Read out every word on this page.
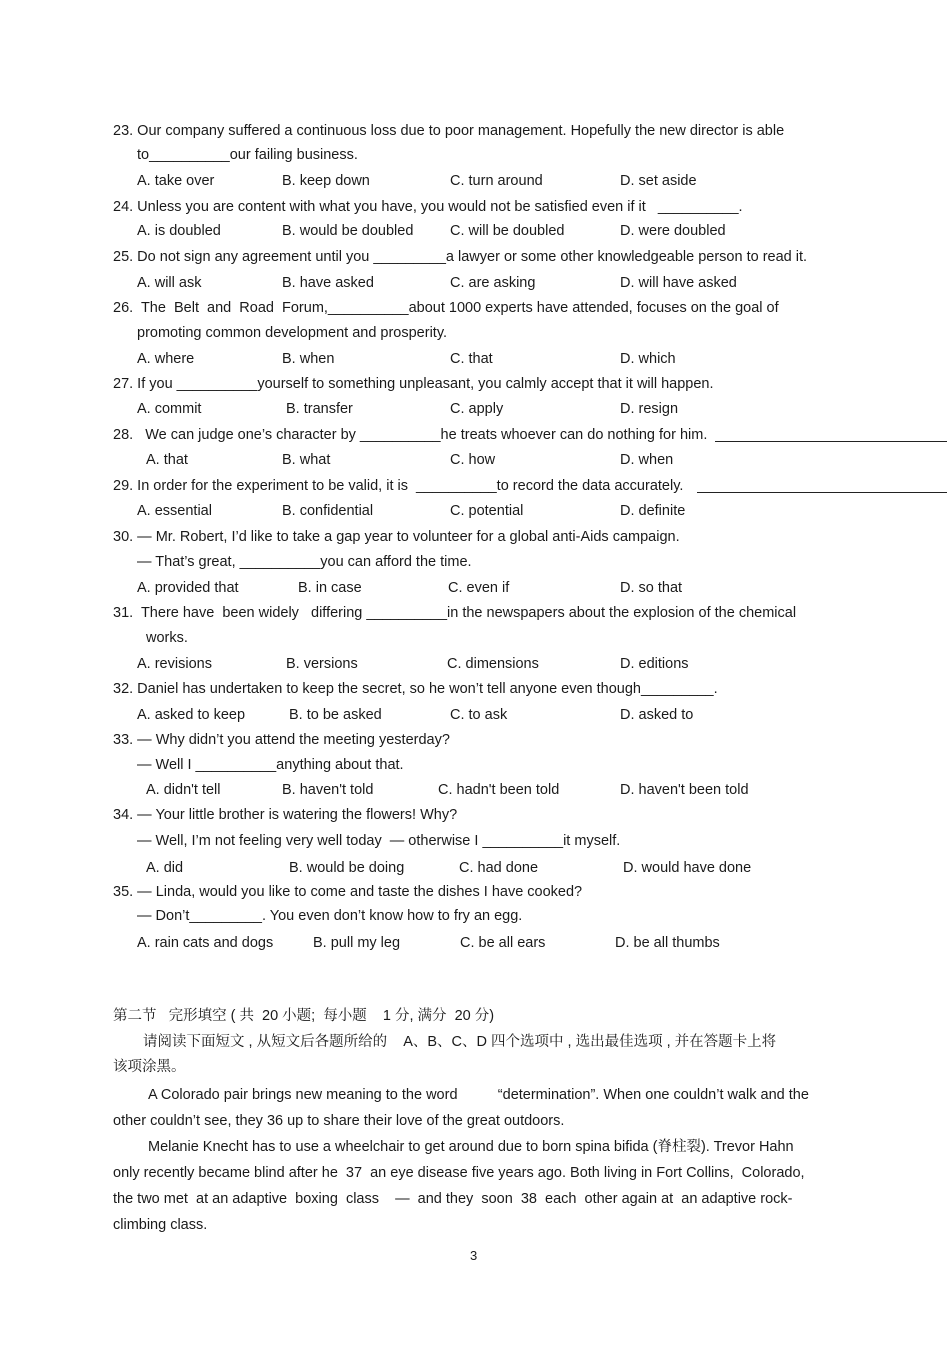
23. Our company suffered a continuous loss due to poor management. Hopefully the new director is able
to__________our failing business.
A. take over	B. keep down	C. turn around	D. set aside
24. Unless you are content with what you have, you would not be satisfied even if it   __________.
A. is doubled	B. would be doubled	C. will be doubled	D. were doubled
25. Do not sign any agreement until you _________a lawyer or some other knowledgeable person to read it.
A. will ask	B. have asked	C. are asking	D. will have asked
26.  The  Belt  and  Road  Forum,__________about 1000 experts have attended, focuses on the goal of
promoting common development and prosperity.
A. where	B. when	C. that	D. which
27. If you __________yourself to something unpleasant, you calmly accept that it will happen.
A. commit	B. transfer	C. apply	D. resign
28.   We can judge one’s character by __________he treats whoever can do nothing for him.
A. that	B. what	C. how	D. when
29. In order for the experiment to be valid, it is  __________to record the data accurately.
A. essential	B. confidential	C. potential	D. definite
30. — Mr. Robert, I’d like to take a gap year to volunteer for a global anti-Aids campaign.
— That’s great, __________you can afford the time.
A. provided that	B. in case	C. even if	D. so that
31.  There have  been widely   differing __________in the newspapers about the explosion of the chemical
works.
A. revisions	B. versions	C. dimensions	D. editions
32. Daniel has undertaken to keep the secret, so he won’t tell anyone even though_________.
A. asked to keep	B. to be asked	C. to ask	D. asked to
33. — Why didn’t you attend the meeting yesterday?
— Well I __________anything about that.
A. didn't tell	B. haven't told	C. hadn't been told	D. haven't been told
34. — Your little brother is watering the flowers! Why?
— Well, I’m not feeling very well today  — otherwise I __________it myself.
A. did	B. would be doing	C. had done	D. would have done
35. — Linda, would you like to come and taste the dishes I have cooked?
— Don’t_________. You even don’t know how to fry an egg.
A. rain cats and dogs	B. pull my leg	C. be all ears	D. be all thumbs
第二节   完形填空 ( 共  20 小题;  每小题    1 分, 满分  20 分)
请阅读下面短文 , 从短文后各题所给的    A、B、C、D 四个选项中 , 选出最佳选项 , 并在答题卡上将
该项涂黑。
A Colorado pair brings new meaning to the word          “determination”. When one couldn’t walk and the
other couldn’t see, they 36 up to share their love of the great outdoors.
Melanie Knecht has to use a wheelchair to get around due to born spina bifida (脊柱裂). Trevor Hahn
only recently became blind after he  37  an eye disease five years ago. Both living in Fort Collins,  Colorado,
the two met  at an adaptive  boxing  class    —  and they  soon  38  each  other again at  an adaptive rock-
climbing class.
3
